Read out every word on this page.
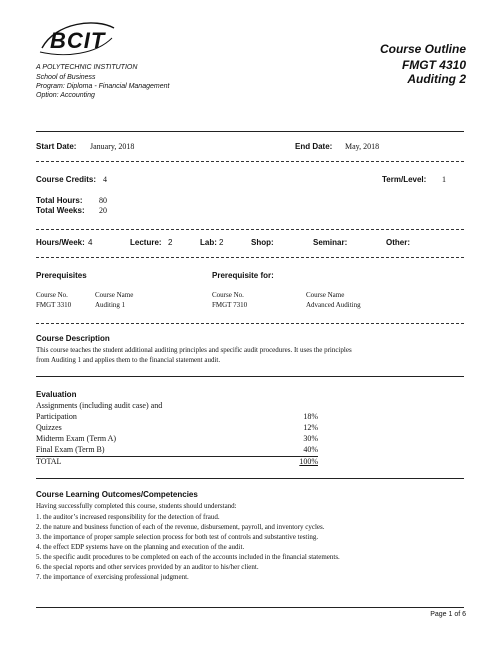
BCIT
A POLYTECHNIC INSTITUTION
School of Business
Program: Diploma - Financial Management
Option: Accounting
Course Outline
FMGT 4310
Auditing 2
Start Date: January, 2018	End Date: May, 2018
Course Credits: 4	Term/Level: 1
Total Hours: 80
Total Weeks: 20
Hours/Week: 4	Lecture: 2	Lab: 2	Shop:	Seminar:	Other:
Prerequisites	Prerequisite for:
Course No.	Course Name
FMGT 3310	Auditing 1
Course No.	Course Name
FMGT 7310	Advanced Auditing
Course Description
This course teaches the student additional auditing principles and specific audit procedures. It uses the principles
from Auditing 1 and applies them to the financial statement audit.
Evaluation
Assignments (including audit case) and
Participation	18%
Quizzes	12%
Midterm Exam (Term A)	30%
Final Exam (Term B)	40%
TOTAL	100%
Course Learning Outcomes/Competencies
Having successfully completed this course, students should understand:
1. the auditor’s increased responsibility for the detection of fraud.
2. the nature and business function of each of the revenue, disbursement, payroll, and inventory cycles.
3. the importance of proper sample selection process for both test of controls and substantive testing.
4. the effect EDP systems have on the planning and execution of the audit.
5. the specific audit procedures to be completed on each of the accounts included in the financial statements.
6. the special reports and other services provided by an auditor to his/her client.
7. the importance of exercising professional judgment.
Page 1 of 6
